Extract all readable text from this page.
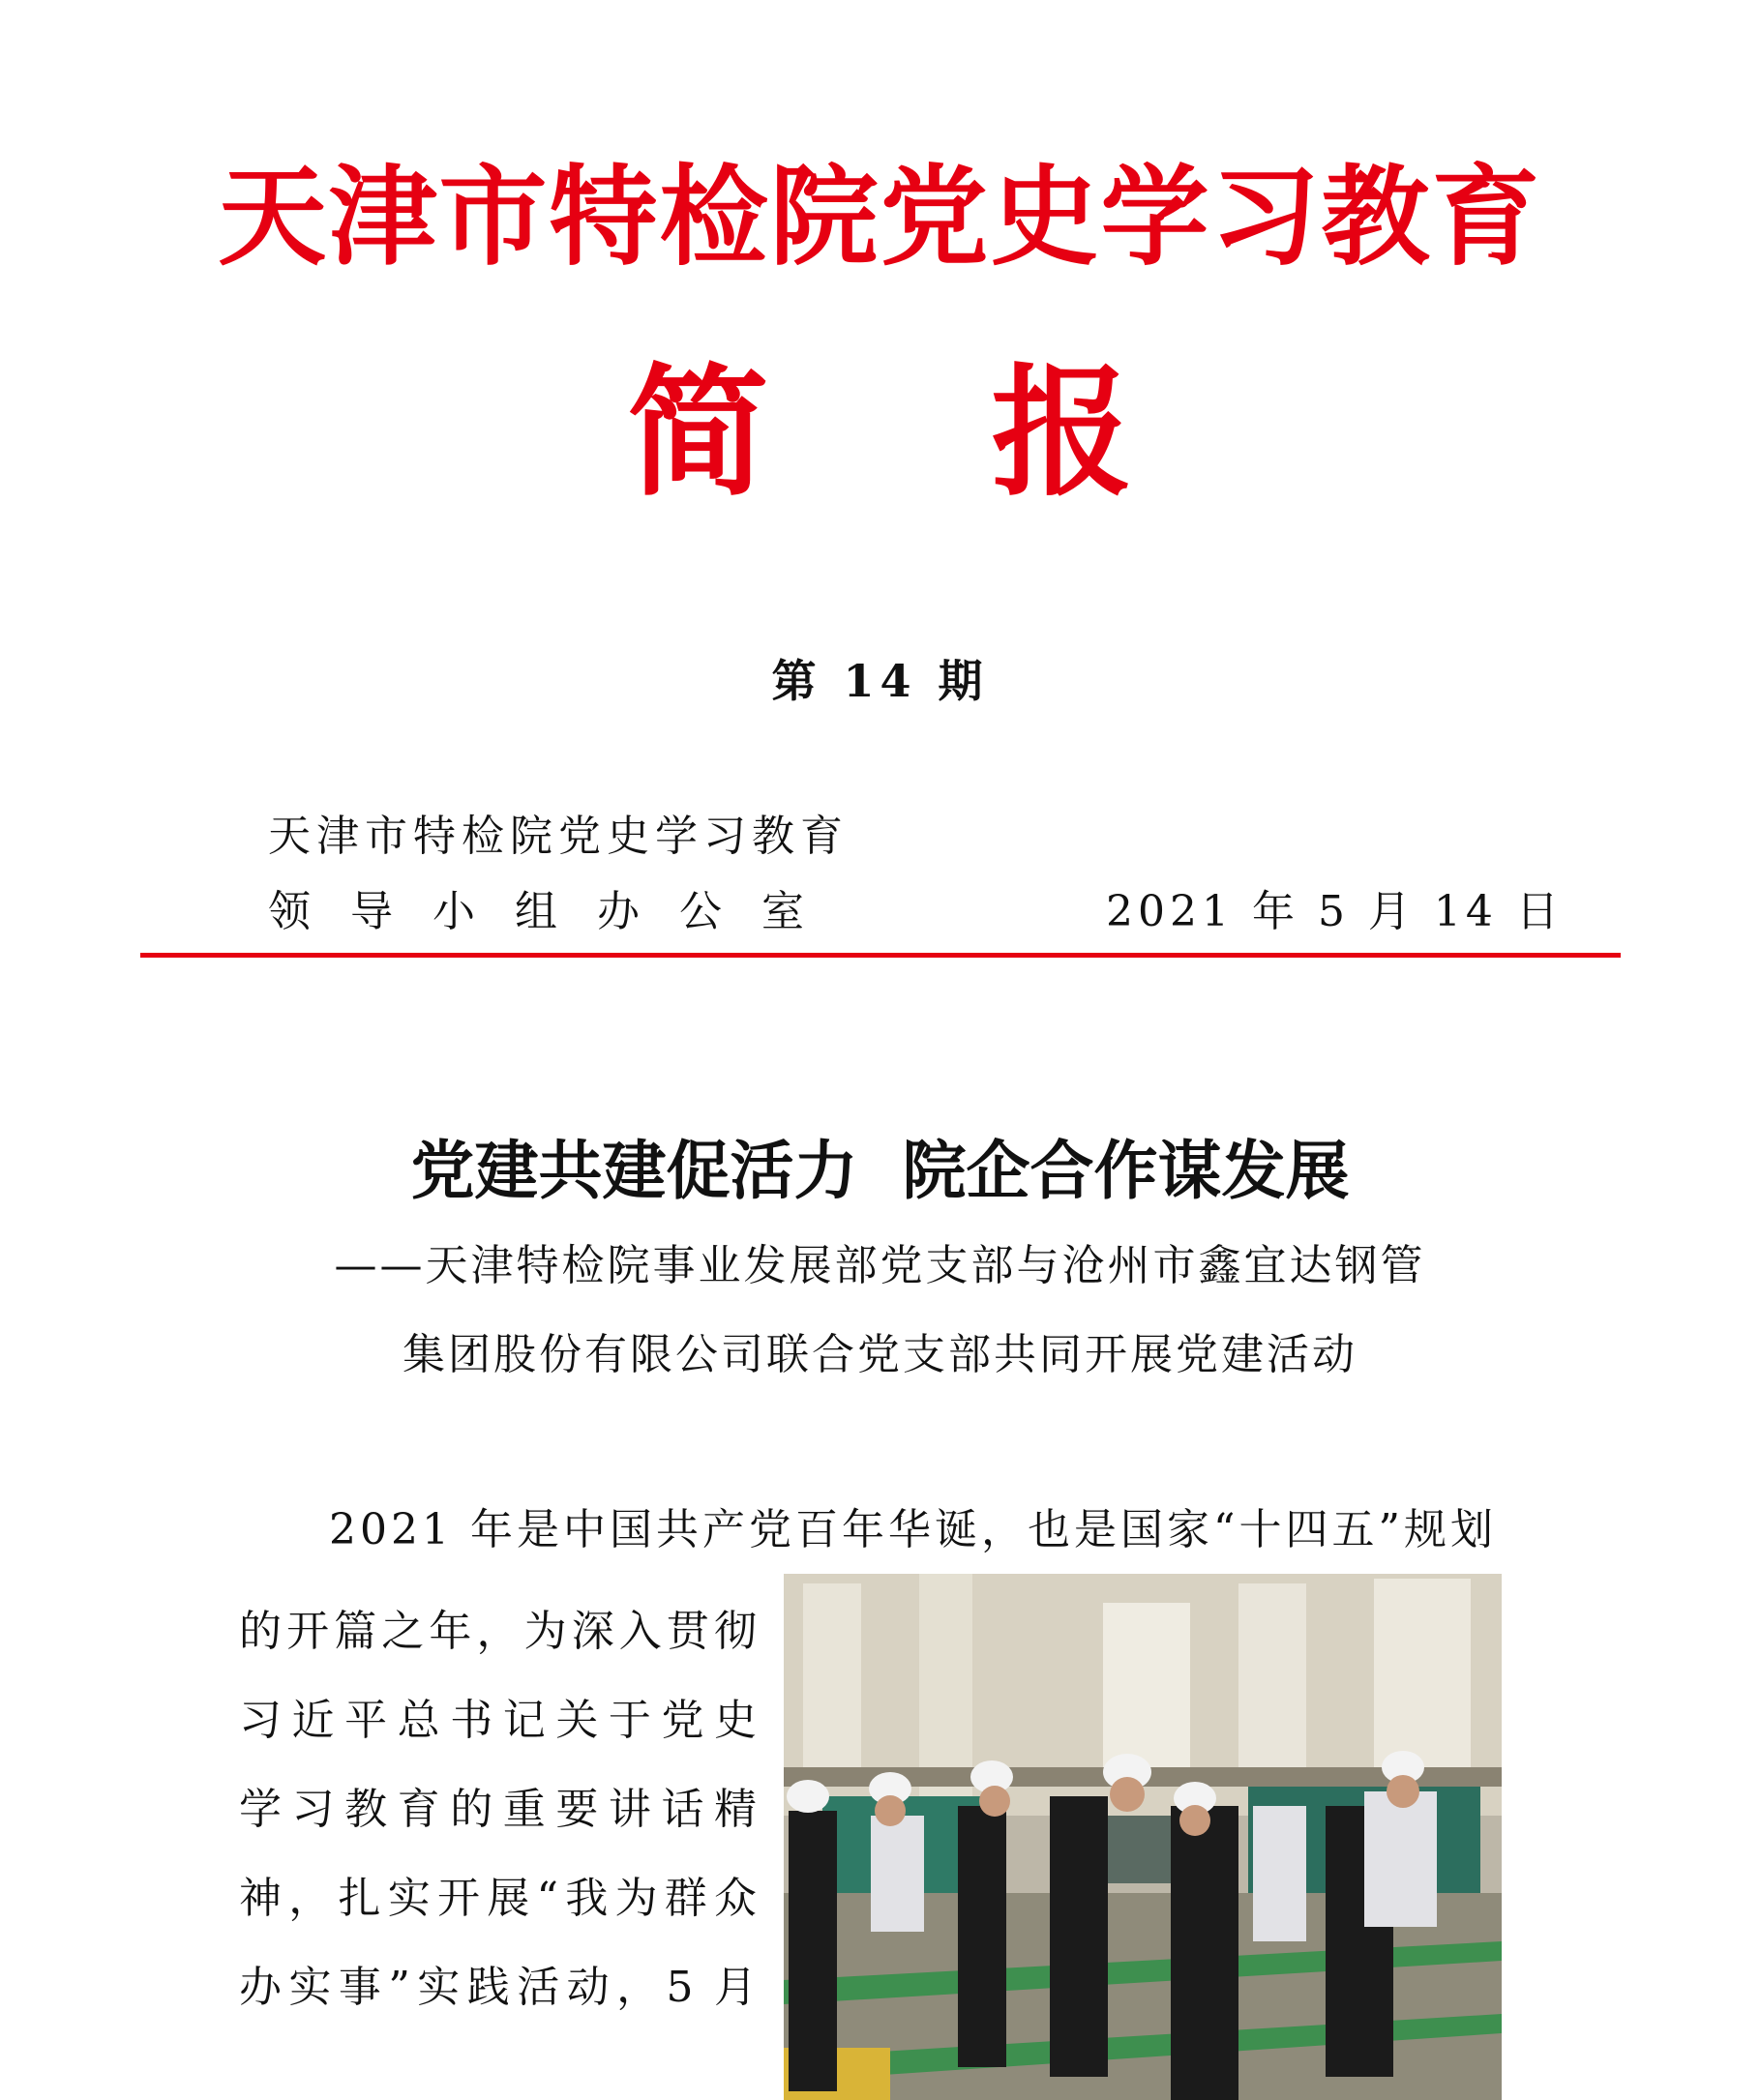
天津市特检院党史学习教育
简 报
第 14 期
天津市特检院党史学习教育
领导小组办公室	2021 年 5 月 14 日
党建共建促活力  院企合作谋发展
——天津特检院事业发展部党支部与沧州市鑫宜达钢管
集团股份有限公司联合党支部共同开展党建活动
2021 年是中国共产党百年华诞，也是国家“十四五”规划
的开篇之年，为深入贯彻
习近平总书记关于党史
学习教育的重要讲话精
神，扎实开展“我为群众
办实事”实践活动，5 月
